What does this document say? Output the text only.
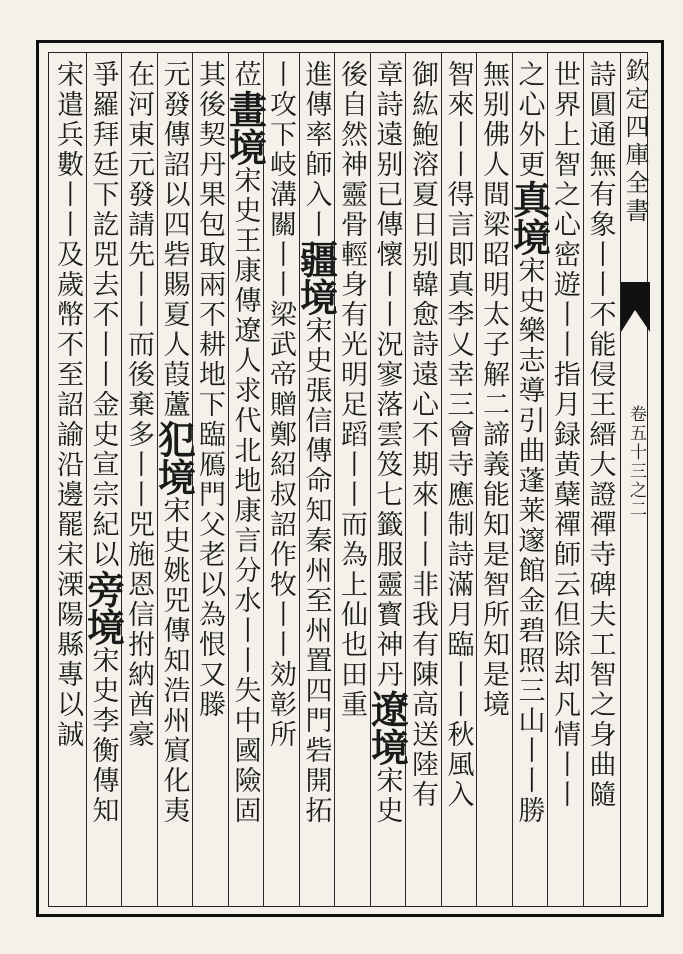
欽定四庫全書
卷五十三之二
詩圓通無有象丨丨不能侵王縉大證禪寺碑夫工智之身曲隨
世界上智之心密遊丨丨指月録黄蘖禪師云但除却凡情丨丨
之心外更真境宋史樂志導引曲蓬莱邃館金碧照三山丨丨勝
無别佛人間梁昭明太子解二諦義能知是智所知是境
智來丨丨得言即真李乂幸三會寺應制詩滿月臨丨丨秋風入
御紘鮑溶夏日别韓愈詩遠心不期來丨丨非我有陳高送陸有
章詩遠别已傳懷丨丨況寥落雲笈七籤服靈寳神丹遼境宋史
後自然神靈骨輕身有光明足蹈丨丨而為上仙也田重
進傳率師入丨疆境宋史張信傳命知秦州至州置四門砦開拓
丨攻下岐溝關丨丨梁武帝贈鄭紹叔詔作牧丨丨効彰所
莅畫境宋史王康傳遼人求代北地康言分水丨丨失中國險固
其後契丹果包取兩不耕地下臨鴈門父老以為恨又滕
元發傳詔以四砦賜夏人葭蘆犯境宋史姚兕傳知浩州賔化夷
在河東元發請先丨丨而後棄多丨丨兕施恩信拊納酋豪
爭羅拜廷下訖兕去不丨丨金史宣宗紀以旁境宋史李衡傳知
宋遣兵數丨丨及歲幣不至詔諭沿邊罷宋溧陽縣專以誠
